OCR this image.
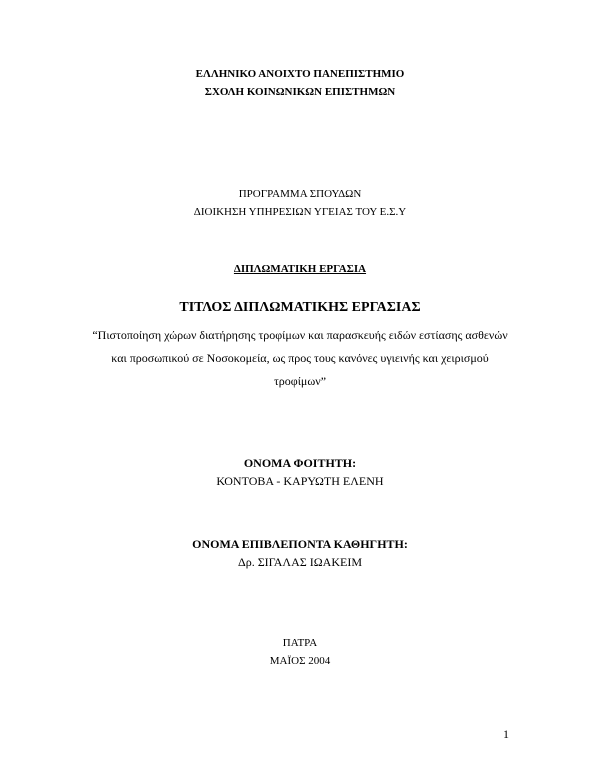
ΕΛΛΗΝΙΚΟ ΑΝΟΙΧΤΟ ΠΑΝΕΠΙΣΤΗΜΙΟ
ΣΧΟΛΗ ΚΟΙΝΩΝΙΚΩΝ ΕΠΙΣΤΗΜΩΝ
ΠΡΟΓΡΑΜΜΑ ΣΠΟΥΔΩΝ
ΔΙΟΙΚΗΣΗ ΥΠΗΡΕΣΙΩΝ ΥΓΕΙΑΣ ΤΟΥ Ε.Σ.Υ
ΔΙΠΛΩΜΑΤΙΚΗ ΕΡΓΑΣΙΑ
ΤΙΤΛΟΣ ΔΙΠΛΩΜΑΤΙΚΗΣ ΕΡΓΑΣΙΑΣ
“Πιστοποίηση χώρων διατήρησης τροφίμων και παρασκευής ειδών εστίασης ασθενών
και προσωπικού σε Νοσοκομεία, ως προς τους κανόνες υγιεινής και χειρισμού
τροφίμων”
ΟΝΟΜΑ ΦΟΙΤΗΤΗ:
ΚΟΝΤΟΒΑ - ΚΑΡΥΩΤΗ ΕΛΕΝΗ
ΟΝΟΜΑ ΕΠΙΒΛΕΠΟΝΤΑ ΚΑΘΗΓΗΤΗ:
Δρ. ΣΙΓΑΛΑΣ ΙΩΑΚΕΙΜ
ΠΑΤΡΑ
ΜΑΪΟΣ 2004
1
